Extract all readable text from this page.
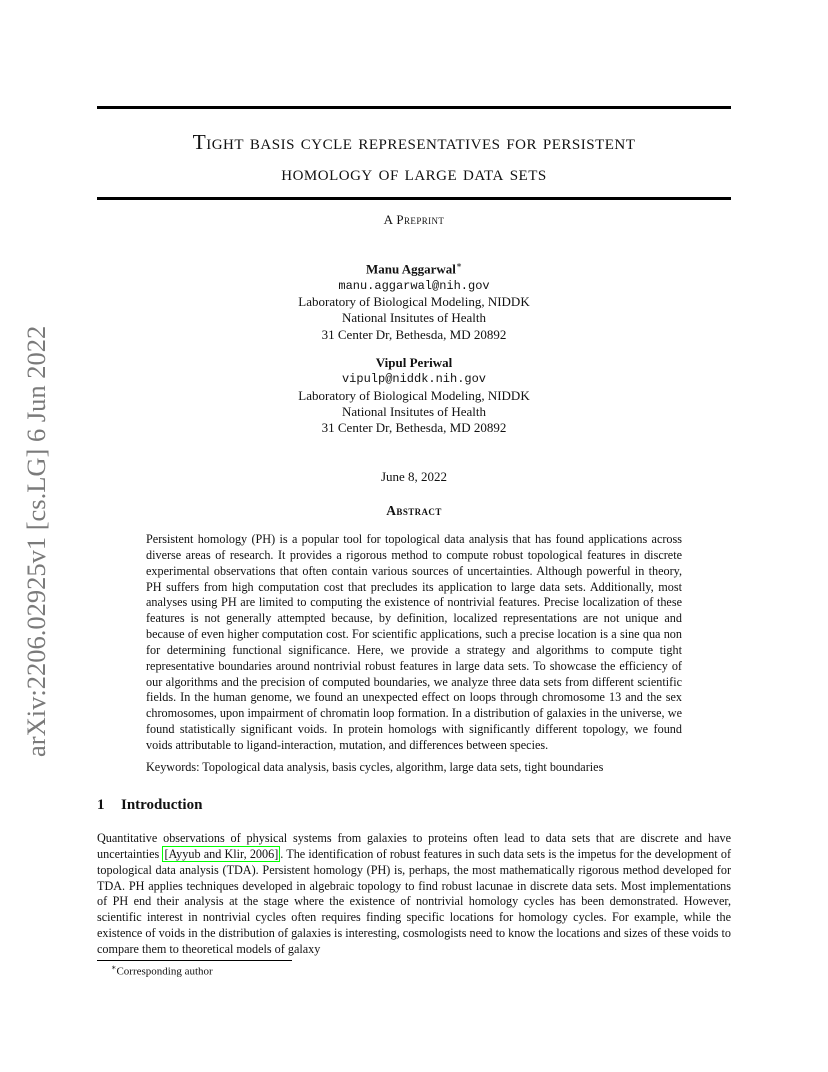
arXiv:2206.02925v1 [cs.LG] 6 Jun 2022
Tight basis cycle representatives for persistent
homology of large data sets
A Preprint
Manu Aggarwal∗
manu.aggarwal@nih.gov
Laboratory of Biological Modeling, NIDDK
National Insitutes of Health
31 Center Dr, Bethesda, MD 20892
Vipul Periwal
vipulp@niddk.nih.gov
Laboratory of Biological Modeling, NIDDK
National Insitutes of Health
31 Center Dr, Bethesda, MD 20892
June 8, 2022
Abstract
Persistent homology (PH) is a popular tool for topological data analysis that has found applications across diverse areas of research. It provides a rigorous method to compute robust topological features in discrete experimental observations that often contain various sources of uncertainties. Although powerful in theory, PH suffers from high computation cost that precludes its application to large data sets. Additionally, most analyses using PH are limited to computing the existence of nontrivial features. Precise localization of these features is not generally attempted because, by definition, localized representations are not unique and because of even higher computation cost. For scientific applications, such a precise location is a sine qua non for determining functional significance. Here, we provide a strategy and algorithms to compute tight representative boundaries around nontrivial robust features in large data sets. To showcase the efficiency of our algorithms and the precision of computed boundaries, we analyze three data sets from different scientific fields. In the human genome, we found an unexpected effect on loops through chromosome 13 and the sex chromosomes, upon impairment of chromatin loop formation. In a distribution of galaxies in the universe, we found statistically significant voids. In protein homologs with significantly different topology, we found voids attributable to ligand-interaction, mutation, and differences between species.
Keywords: Topological data analysis, basis cycles, algorithm, large data sets, tight boundaries
1 Introduction
Quantitative observations of physical systems from galaxies to proteins often lead to data sets that are discrete and have uncertainties [Ayyub and Klir, 2006] . The identification of robust features in such data sets is the impetus for the development of topological data analysis (TDA). Persistent homology (PH) is, perhaps, the most mathematically rigorous method developed for TDA. PH applies techniques developed in algebraic topology to find robust lacunae in discrete data sets. Most implementations of PH end their analysis at the stage where the existence of nontrivial homology cycles has been demonstrated. However, scientific interest in nontrivial cycles often requires finding specific locations for homology cycles. For example, while the existence of voids in the distribution of galaxies is interesting, cosmologists need to know the locations and sizes of these voids to compare them to theoretical models of galaxy
∗Corresponding author
